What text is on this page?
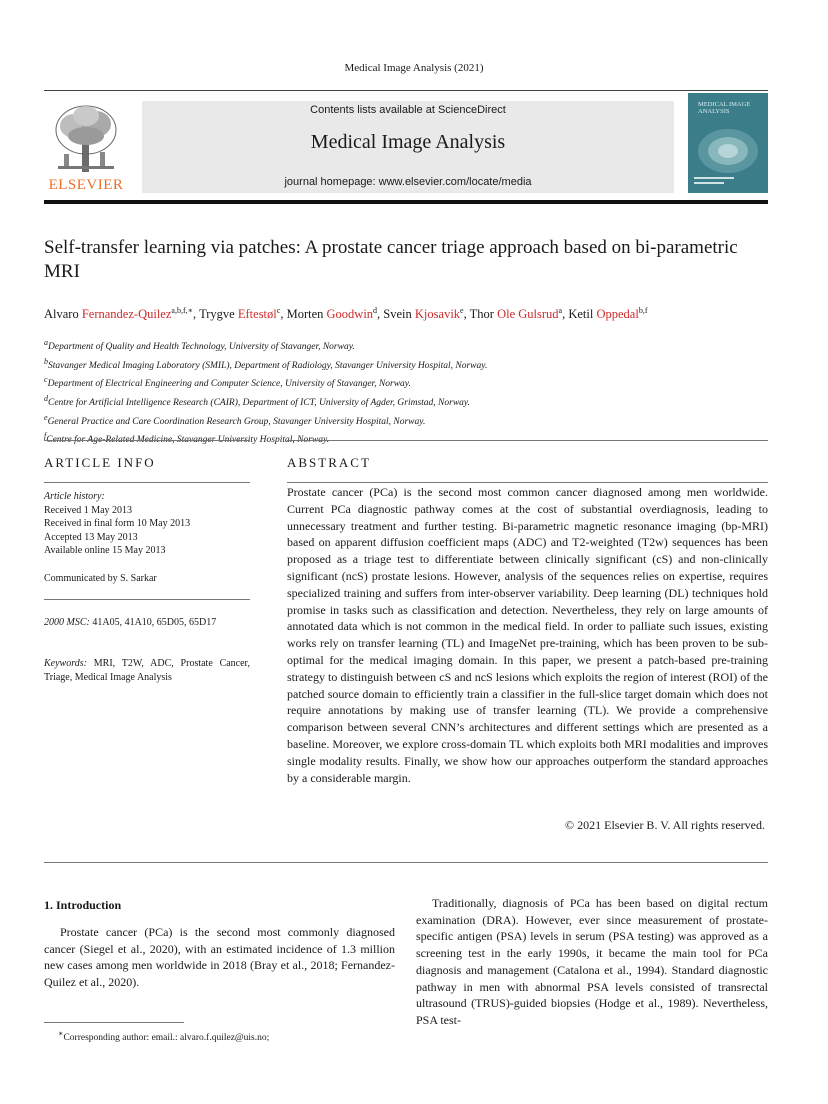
Medical Image Analysis (2021)
ELSEVIER
Contents lists available at ScienceDirect
Medical Image Analysis
journal homepage: www.elsevier.com/locate/media
MEDICAL IMAGE ANALYSIS
Self-transfer learning via patches: A prostate cancer triage approach based on bi-parametric MRI
Alvaro Fernandez-Quilez$^{a,b,f,∗}$, Trygve Eftestøl$^c$, Morten Goodwin$^d$, Svein Kjosavik$^e$, Thor Ole Gulsrud$^a$, Ketil Oppedal$^{b,f}$
$^a$Department of Quality and Health Technology, University of Stavanger, Norway.
$^b$Stavanger Medical Imaging Laboratory (SMIL), Department of Radiology, Stavanger University Hospital, Norway.
$^c$Department of Electrical Engineering and Computer Science, University of Stavanger, Norway.
$^d$Centre for Artificial Intelligence Research (CAIR), Department of ICT, University of Agder, Grimstad, Norway.
$^e$General Practice and Care Coordination Research Group, Stavanger University Hospital, Norway.
$^f$Centre for Age-Related Medicine, Stavanger University Hospital, Norway.
ARTICLE INFO	ABSTRACT
Article history:
Received 1 May 2013
Received in final form 10 May 2013
Accepted 13 May 2013
Available online 15 May 2013
Communicated by S. Sarkar
2000 MSC: 41A05, 41A10, 65D05, 65D17
Keywords: MRI, T2W, ADC, Prostate Cancer, Triage, Medical Image Analysis
Prostate cancer (PCa) is the second most common cancer diagnosed among men worldwide. Current PCa diagnostic pathway comes at the cost of substantial overdiagnosis, leading to unnecessary treatment and further testing. Bi-parametric magnetic resonance imaging (bp-MRI) based on apparent diffusion coefficient maps (ADC) and T2-weighted (T2w) sequences has been proposed as a triage test to differentiate between clinically significant (cS) and non-clinically significant (ncS) prostate lesions. However, analysis of the sequences relies on expertise, requires specialized training and suffers from inter-observer variability. Deep learning (DL) techniques hold promise in tasks such as classification and detection. Nevertheless, they rely on large amounts of annotated data which is not common in the medical field. In order to palliate such issues, existing works rely on transfer learning (TL) and ImageNet pre-training, which has been proven to be sub-optimal for the medical imaging domain. In this paper, we present a patch-based pre-training strategy to distinguish between cS and ncS lesions which exploits the region of interest (ROI) of the patched source domain to efficiently train a classifier in the full-slice target domain which does not require annotations by making use of transfer learning (TL). We provide a comprehensive comparison between several CNN’s architectures and different settings which are presented as a baseline. Moreover, we explore cross-domain TL which exploits both MRI modalities and improves single modality results. Finally, we show how our approaches outperform the standard approaches by a considerable margin.
© 2021 Elsevier B. V. All rights reserved.
1. Introduction
Prostate cancer (PCa) is the second most commonly diagnosed cancer (Siegel et al., 2020), with an estimated incidence of 1.3 million new cases among men worldwide in 2018 (Bray et al., 2018; Fernandez-Quilez et al., 2020).
Traditionally, diagnosis of PCa has been based on digital rectum examination (DRA). However, ever since measurement of prostate-specific antigen (PSA) levels in serum (PSA testing) was approved as a screening test in the early 1990s, it became the main tool for PCa diagnosis and management (Catalona et al., 1994). Standard diagnostic pathway in men with abnormal PSA levels consisted of transrectal ultrasound (TRUS)-guided biopsies (Hodge et al., 1989). Nevertheless, PSA test-
∗Corresponding author: email.: alvaro.f.quilez@uis.no;
